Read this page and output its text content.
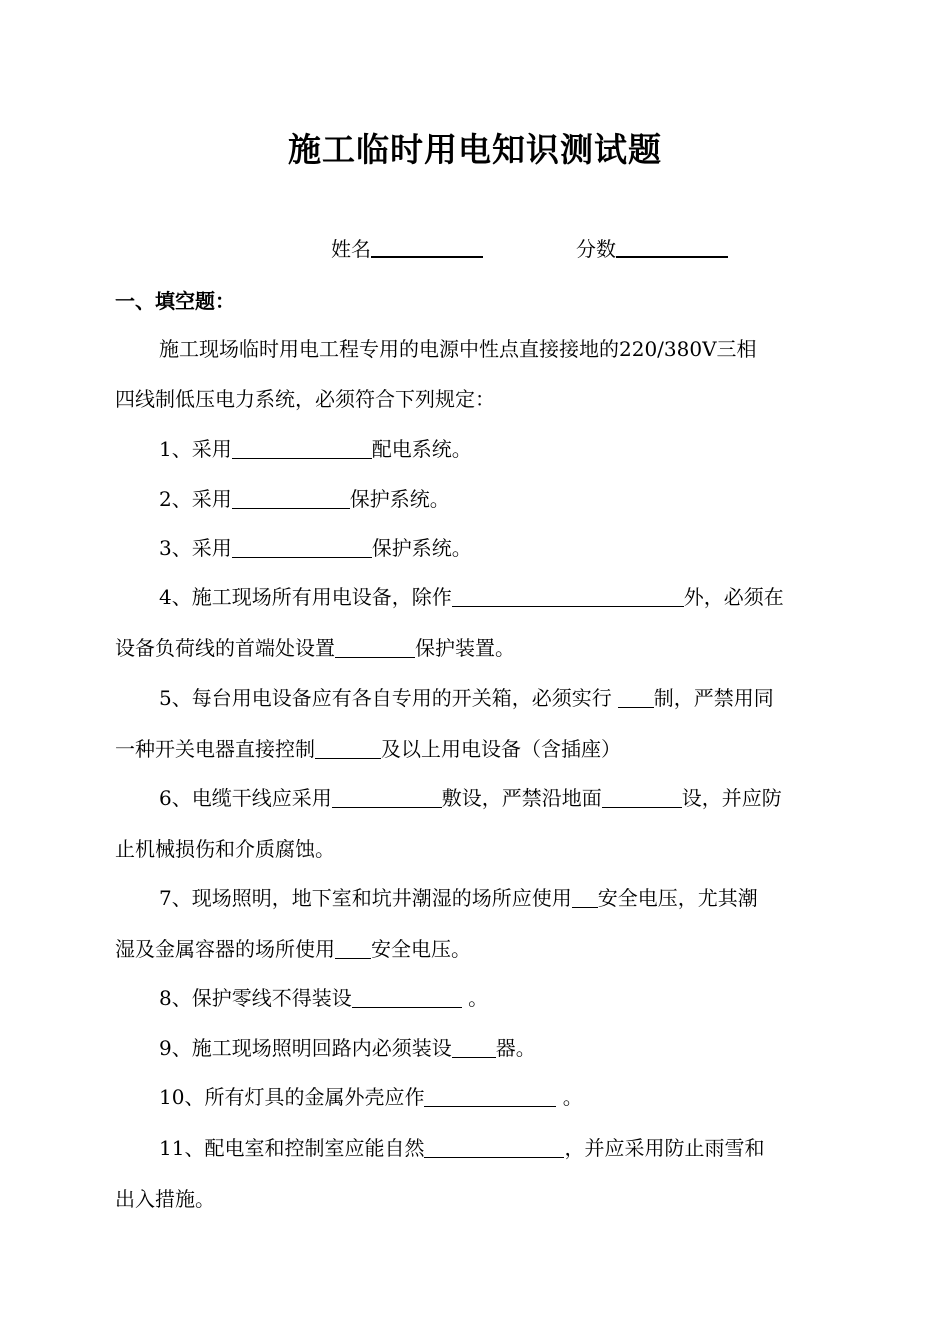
施工临时用电知识测试题
姓名	分数
一、填空题：
施工现场临时用电工程专用的电源中性点直接接地的220/380V三相
四线制低压电力系统，必须符合下列规定：
1、采用	配电系统。
2、采用	保护系统。
3、采用	保护系统。
4、施工现场所有用电设备，除作	外，必须在
设备负荷线的首端处设置	保护装置。
5、每台用电设备应有各自专用的开关箱，必须实行 制，严禁用同
一种开关电器直接控制	及以上用电设备（含插座）
6、电缆干线应采用	敷设，严禁沿地面	设，并应防
止机械损伤和介质腐蚀。
7、现场照明，地下室和坑井潮湿的场所应使用 安全电压，尤其潮
湿及金属容器的场所使用 安全电压。
8、保护零线不得装设	。
9、施工现场照明回路内必须装设 器。
10、所有灯具的金属外壳应作	。
11、配电室和控制室应能自然	，并应采用防止雨雪和
出入措施。
